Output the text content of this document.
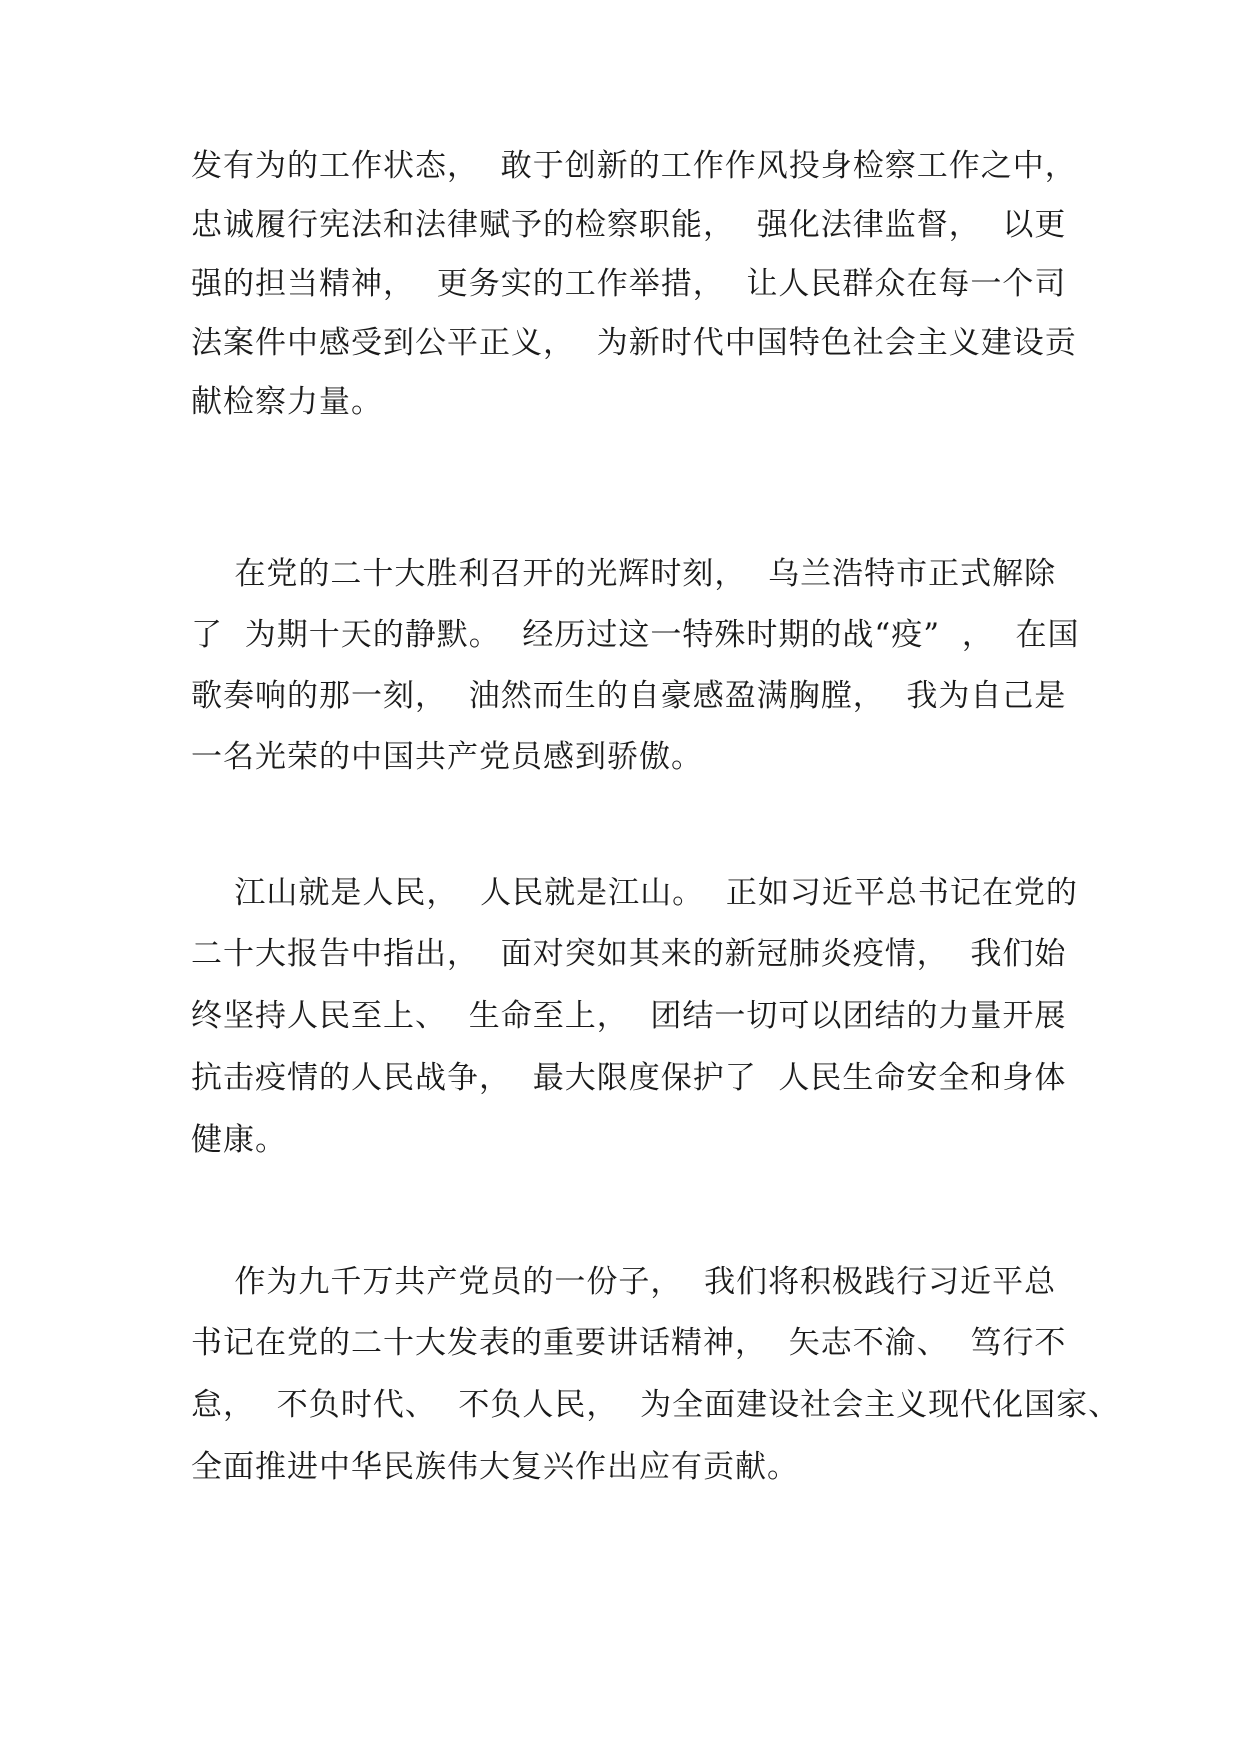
发有为的工作状态，  敢于创新的工作作风投身检察工作之中，
忠诚履行宪法和法律赋予的检察职能，  强化法律监督，  以更
强的担当精神，  更务实的工作举措，  让人民群众在每一个司
法案件中感受到公平正义，  为新时代中国特色社会主义建设贡
献检察力量。
在党的二十大胜利召开的光辉时刻，  乌兰浩特市正式解除
了  为期十天的静默。  经历过这一特殊时期的战“疫”  ，  在国
歌奏响的那一刻，  油然而生的自豪感盈满胸膛，  我为自己是
一名光荣的中国共产党员感到骄傲。
江山就是人民，  人民就是江山。  正如习近平总书记在党的
二十大报告中指出，  面对突如其来的新冠肺炎疫情，  我们始
终坚持人民至上、  生命至上，  团结一切可以团结的力量开展
抗击疫情的人民战争，  最大限度保护了  人民生命安全和身体
健康。
作为九千万共产党员的一份子，  我们将积极践行习近平总
书记在党的二十大发表的重要讲话精神，  矢志不渝、  笃行不
怠，  不负时代、  不负人民，  为全面建设社会主义现代化国家、
全面推进中华民族伟大复兴作出应有贡献。
